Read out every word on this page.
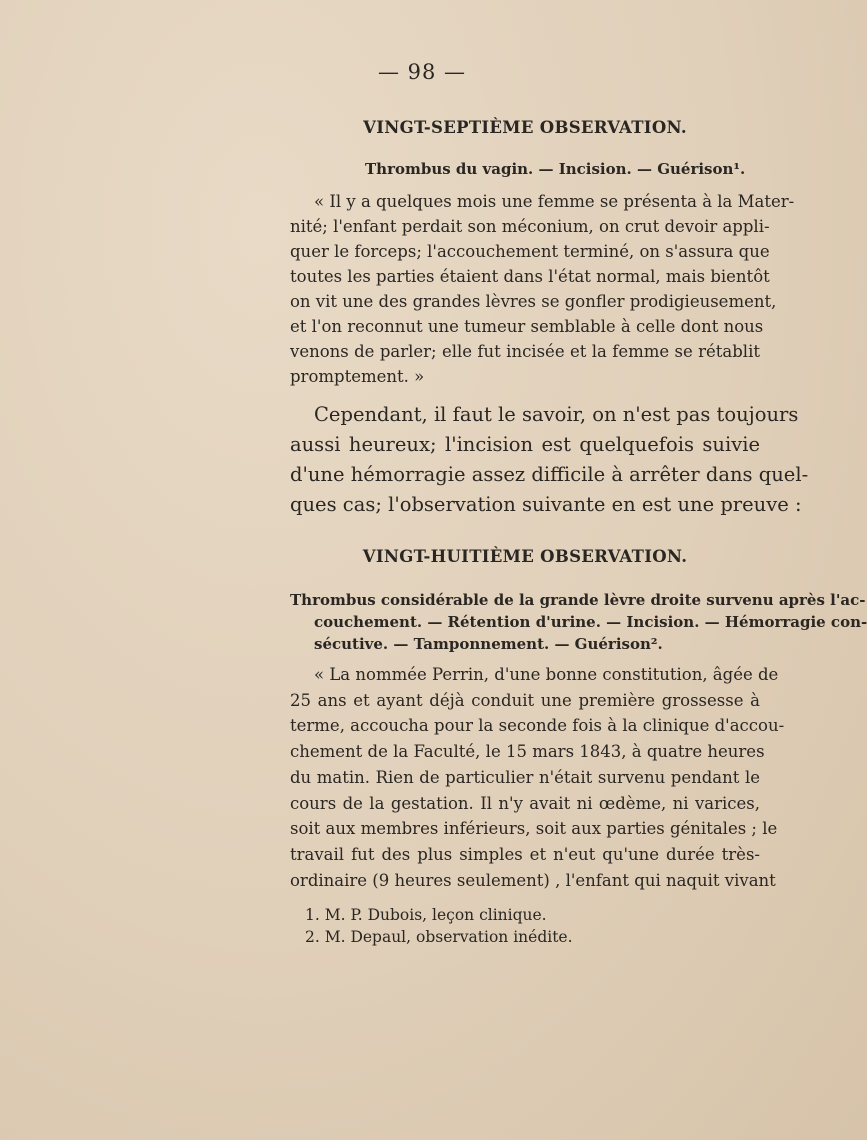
— 98 —
VINGT-SEPTIÈME OBSERVATION.
Thrombus du vagin. — Incision. — Guérison¹.
« Il y a quelques mois une femme se présenta à la Mater-
nité; l'enfant perdait son méconium, on crut devoir appli-
quer le forceps; l'accouchement terminé, on s'assura que
toutes les parties étaient dans l'état normal, mais bientôt
on vit une des grandes lèvres se gonfler prodigieusement,
et l'on reconnut une tumeur semblable à celle dont nous
venons de parler; elle fut incisée et la femme se rétablit
promptement. »
Cependant, il faut le savoir, on n'est pas toujours
aussi heureux; l'incision est quelquefois suivie
d'une hémorragie assez difficile à arrêter dans quel-
ques cas; l'observation suivante en est une preuve :
VINGT-HUITIÈME OBSERVATION.
Thrombus considérable de la grande lèvre droite survenu après l'ac-
couchement. — Rétention d'urine. — Incision. — Hémorragie con-
sécutive. — Tamponnement. — Guérison².
« La nommée Perrin, d'une bonne constitution, âgée de
25 ans et ayant déjà conduit une première grossesse à
terme, accoucha pour la seconde fois à la clinique d'accou-
chement de la Faculté, le 15 mars 1843, à quatre heures
du matin. Rien de particulier n'était survenu pendant le
cours de la gestation. Il n'y avait ni œdème, ni varices,
soit aux membres inférieurs, soit aux parties génitales ; le
travail fut des plus simples et n'eut qu'une durée très-
ordinaire (9 heures seulement) , l'enfant qui naquit vivant
1. M. P. Dubois, leçon clinique.
2. M. Depaul, observation inédite.
